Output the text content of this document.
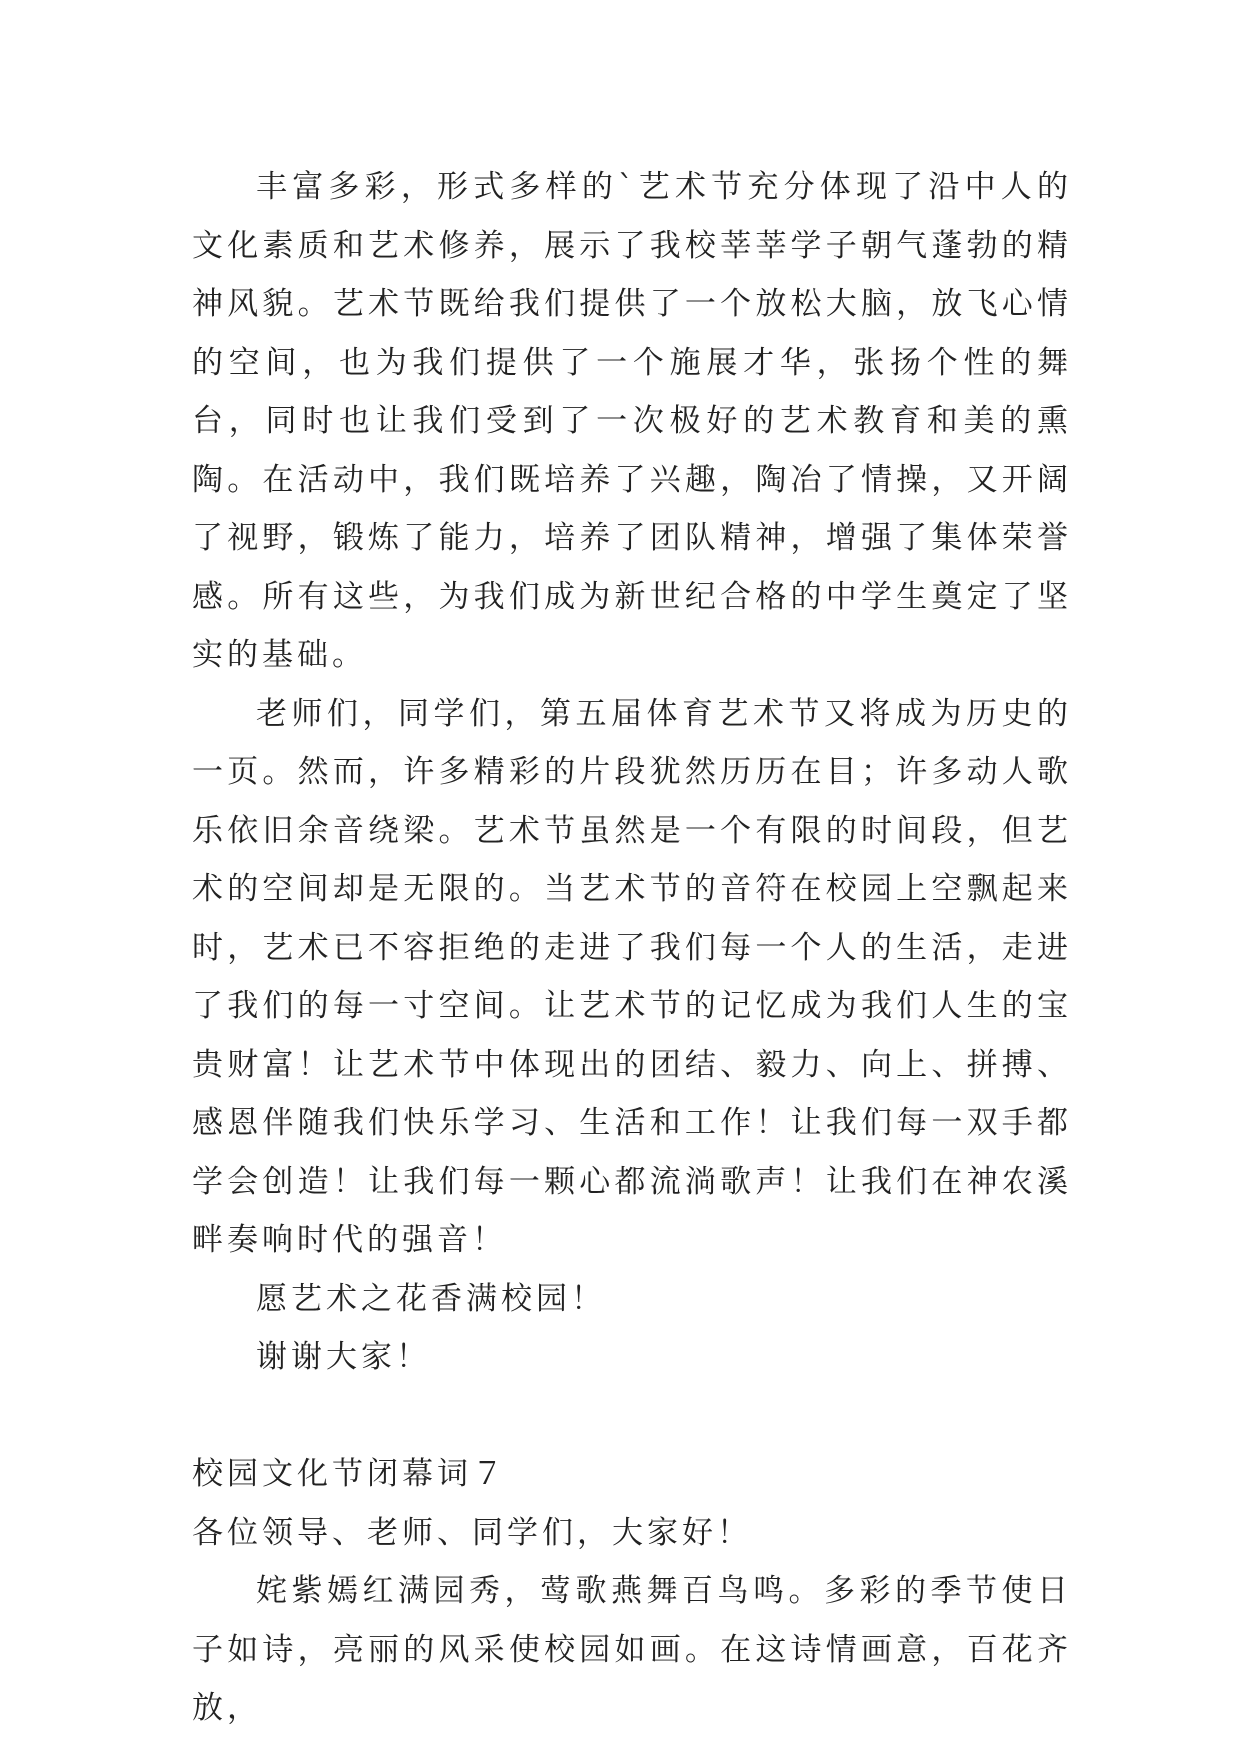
丰富多彩，形式多样的`艺术节充分体现了沿中人的文化素质和艺术修养，展示了我校莘莘学子朝气蓬勃的精神风貌。艺术节既给我们提供了一个放松大脑，放飞心情的空间，也为我们提供了一个施展才华，张扬个性的舞台，同时也让我们受到了一次极好的艺术教育和美的熏陶。在活动中，我们既培养了兴趣，陶冶了情操，又开阔了视野，锻炼了能力，培养了团队精神，增强了集体荣誉感。所有这些，为我们成为新世纪合格的中学生奠定了坚实的基础。

老师们，同学们，第五届体育艺术节又将成为历史的一页。然而，许多精彩的片段犹然历历在目；许多动人歌乐依旧余音绕梁。艺术节虽然是一个有限的时间段，但艺术的空间却是无限的。当艺术节的音符在校园上空飘起来时，艺术已不容拒绝的走进了我们每一个人的生活，走进了我们的每一寸空间。让艺术节的记忆成为我们人生的宝贵财富！让艺术节中体现出的团结、毅力、向上、拼搏、感恩伴随我们快乐学习、生活和工作！让我们每一双手都学会创造！让我们每一颗心都流淌歌声！让我们在神农溪畔奏响时代的强音！

愿艺术之花香满校园！

谢谢大家！

校园文化节闭幕词７

各位领导、老师、同学们，大家好！

姹紫嫣红满园秀，莺歌燕舞百鸟鸣。多彩的季节使日子如诗，亮丽的风采使校园如画。在这诗情画意，百花齐放，
